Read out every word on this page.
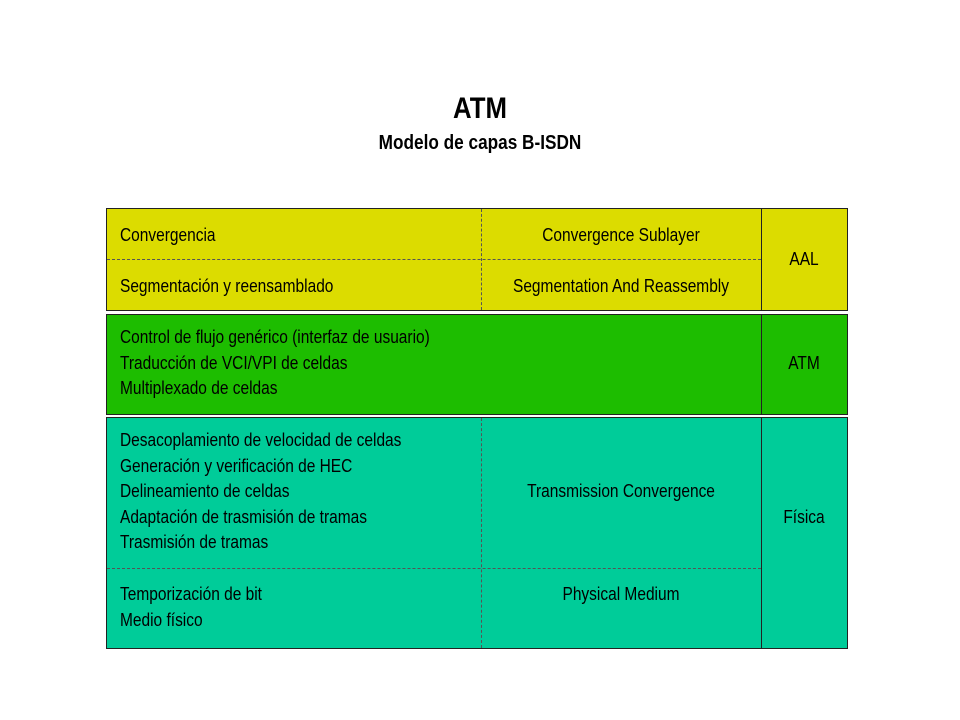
ATM
Modelo de capas B-ISDN
Convergencia	Convergence Sublayer
Segmentación y reensamblado	Segmentation And Reassembly
AAL
Control de flujo genérico (interfaz de usuario)
Traducción de VCI/VPI de celdas
Multiplexado de celdas
ATM
Desacoplamiento de velocidad de celdas
Generación y verificación de HEC
Delineamiento de celdas
Adaptación de trasmisión de tramas
Trasmisión de tramas
Transmission Convergence
Temporización de bit
Medio físico
Physical Medium
Física
